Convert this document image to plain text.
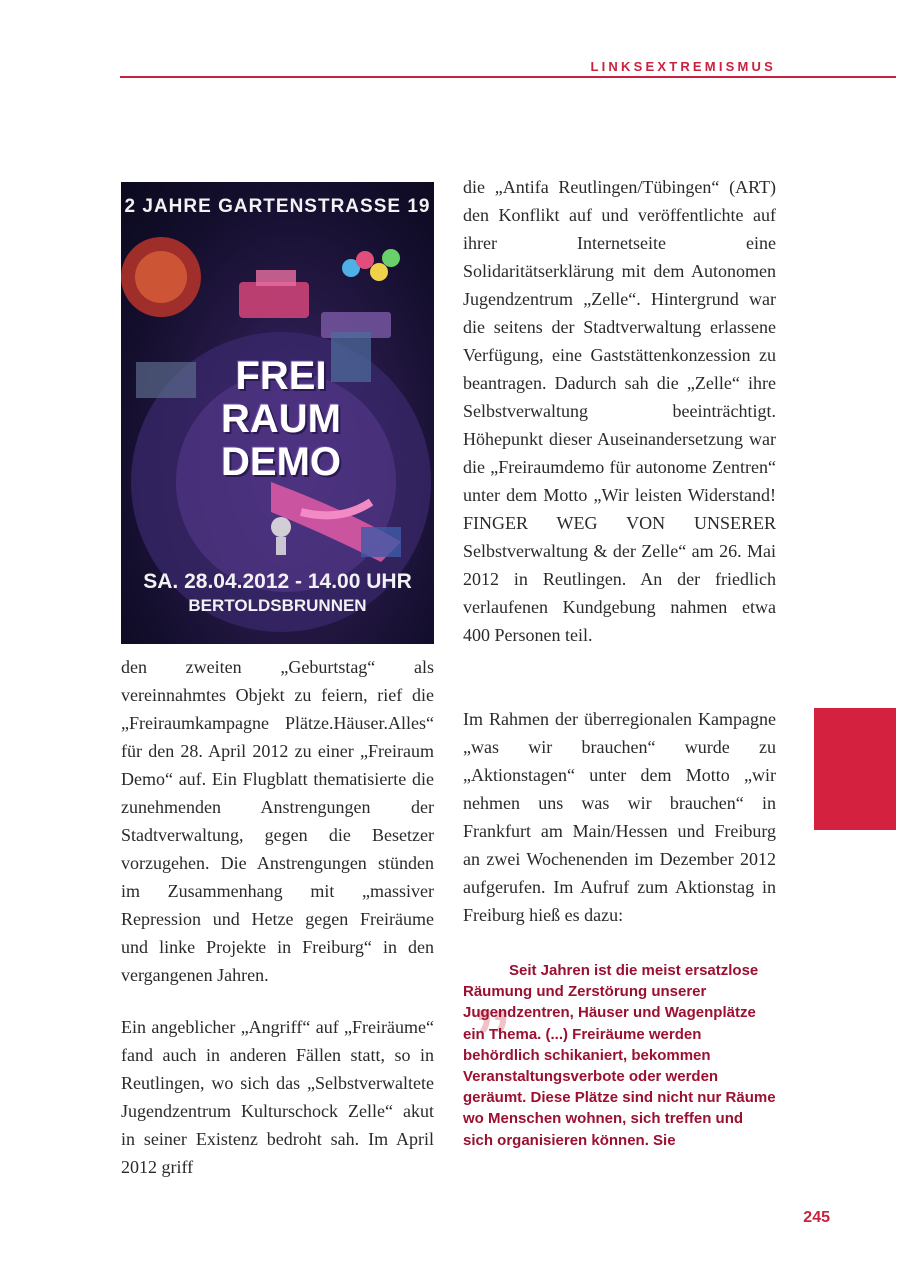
LINKSEXTREMISMUS
2 JAHRE GARTENSTRASSE 19
FREI
RAUM
DEMO
SA. 28.04.2012 - 14.00 UHR
BERTOLDSBRUNNEN

den zweiten „Geburtstag“ als vereinnahmtes Objekt zu feiern, rief die „Freiraumkampagne Plätze.Häuser.Alles“ für den 28. April 2012 zu einer „Freiraum Demo“ auf. Ein Flugblatt thematisierte die zunehmenden Anstrengungen der Stadtverwaltung, gegen die Besetzer vorzugehen. Die Anstrengungen stünden im Zusammenhang mit „massiver Repression und Hetze gegen Freiräume und linke Projekte in Freiburg“ in den vergangenen Jahren.

Ein angeblicher „Angriff“ auf „Freiräume“ fand auch in anderen Fällen statt, so in Reutlingen, wo sich das „Selbstverwaltete Jugendzentrum Kulturschock Zelle“ akut in seiner Existenz bedroht sah. Im April 2012 griff

die „Antifa Reutlingen/Tübingen“ (ART) den Konflikt auf und veröffentlichte auf ihrer Internetseite eine Solidaritätserklärung mit dem Autonomen Jugendzentrum „Zelle“. Hintergrund war die seitens der Stadtverwaltung erlassene Verfügung, eine Gaststättenkonzession zu beantragen. Dadurch sah die „Zelle“ ihre Selbstverwaltung beeinträchtigt. Höhepunkt dieser Auseinandersetzung war die „Freiraumdemo für autonome Zentren“ unter dem Motto „Wir leisten Widerstand! FINGER WEG VON UNSERER Selbstverwaltung & der Zelle“ am 26. Mai 2012 in Reutlingen. An der friedlich verlaufenen Kundgebung nahmen etwa 400 Personen teil.

Im Rahmen der überregionalen Kampagne „was wir brauchen“ wurde zu „Aktionstagen“ unter dem Motto „wir nehmen uns was wir brauchen“ in Frankfurt am Main/Hessen und Freiburg an zwei Wochenenden im Dezember 2012 aufgerufen. Im Aufruf zum Aktionstag in Freiburg hieß es dazu:

„

Seit Jahren ist die meist ersatzlose Räumung und Zerstörung unserer Jugendzentren, Häuser und Wagenplätze ein Thema. (...) Freiräume werden behördlich schikaniert, bekommen Veranstaltungsverbote oder werden geräumt. Diese Plätze sind nicht nur Räume wo Menschen wohnen, sich treffen und sich organisieren können. Sie

245
